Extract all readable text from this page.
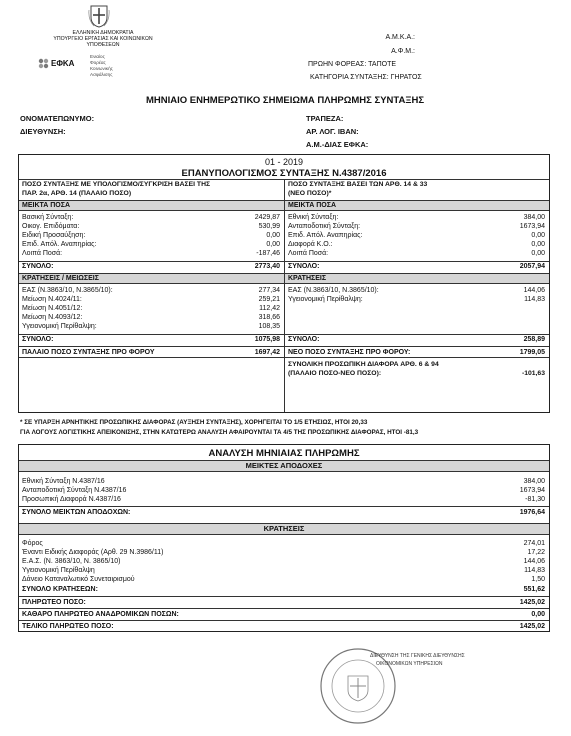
ΕΛΛΗΝΙΚΗ ΔΗΜΟΚΡΑΤΙΑ
ΥΠΟΥΡΓΕΙΟ ΕΡΓΑΣΙΑΣ ΚΑΙ ΚΟΙΝΩΝΙΚΩΝ
ΥΠΟΘΕΣΕΩΝ
ΕΦΚΑ
Ενιαίος
Φορέας
Κοινωνικής
Ασφάλισης
Α.Μ.Κ.Α.:
Α.Φ.Μ.:
ΠΡΩΗΝ ΦΟΡΕΑΣ: ΤΑΠΟΤΕ
ΚΑΤΗΓΟΡΙΑ ΣΥΝΤΑΞΗΣ: ΓΗΡΑΤΟΣ
ΜΗΝΙΑΙΟ ΕΝΗΜΕΡΩΤΙΚΟ ΣΗΜΕΙΩΜΑ ΠΛΗΡΩΜΗΣ ΣΥΝΤΑΞΗΣ
ΟΝΟΜΑΤΕΠΩΝΥΜΟ:
ΔΙΕΥΘΥΝΣΗ:
ΤΡΑΠΕΖΑ:
ΑΡ. ΛΟΓ. IBAN:
Α.Μ.-ΔΙΑΣ ΕΦΚΑ:
01 - 2019
ΕΠΑΝΥΠΟΛΟΓΙΣΜΟΣ ΣΥΝΤΑΞΗΣ Ν.4387/2016
ΠΟΣΟ ΣΥΝΤΑΞΗΣ ΜΕ ΥΠΟΛΟΓΙΣΜΟ/ΣΥΓΚΡΙΣΗ ΒΑΣΕΙ ΤΗΣ
ΠΑΡ. 2α, ΑΡΘ. 14 (ΠΑΛΑΙΟ ΠΟΣΟ)
ΜΕΙΚΤΑ ΠΟΣΑ
Βασική Σύνταξη:	2429,87
Οικογ. Επιδόματα:	530,99
Ειδική Προσαύξηση:	0,00
Επιδ. Απόλ. Αναπηρίας:	0,00
Λοιπά Ποσά:	-187,46
ΣΥΝΟΛΟ:	2773,40
ΚΡΑΤΗΣΕΙΣ / ΜΕΙΩΣΕΙΣ
ΕΑΣ (Ν.3863/10, Ν.3865/10):	277,34
Μείωση Ν.4024/11:	259,21
Μείωση Ν.4051/12:	112,42
Μείωση Ν.4093/12:	318,66
Υγειονομική Περίθαλψη:	108,35
ΣΥΝΟΛΟ:	1075,98
ΠΑΛΑΙΟ ΠΟΣΟ ΣΥΝΤΑΞΗΣ ΠΡΟ ΦΟΡΟΥ	1697,42
ΠΟΣΟ ΣΥΝΤΑΞΗΣ ΒΑΣΕΙ ΤΩΝ ΑΡΘ. 14 & 33
(ΝΕΟ ΠΟΣΟ)*
ΜΕΙΚΤΑ ΠΟΣΑ
Εθνική Σύνταξη:	384,00
Ανταποδοτική Σύνταξη:	1673,94
Επιδ. Απόλ. Αναπηρίας:	0,00
Διαφορά Κ.Ο.:	0,00
Λοιπά Ποσά:	0,00
ΣΥΝΟΛΟ:	2057,94
ΚΡΑΤΗΣΕΙΣ
ΕΑΣ (Ν.3863/10, Ν.3865/10):	144,06
Υγειονομική Περίθαλψη:	114,83
ΣΥΝΟΛΟ:	258,89
ΝΕΟ ΠΟΣΟ ΣΥΝΤΑΞΗΣ ΠΡΟ ΦΟΡΟΥ:	1799,05
ΣΥΝΟΛΙΚΗ ΠΡΟΣΩΠΙΚΗ ΔΙΑΦΟΡΑ ΑΡΘ. 6 & 94
(ΠΑΛΑΙΟ ΠΟΣΟ-ΝΕΟ ΠΟΣΟ):	-101,63
* ΣΕ ΥΠΑΡΞΗ ΑΡΝΗΤΙΚΗΣ ΠΡΟΣΩΠΙΚΗΣ ΔΙΑΦΟΡΑΣ (ΑΥΞΗΣΗ ΣΥΝΤΑΞΗΣ), ΧΟΡΗΓΕΙΤΑΙ ΤΟ 1/5 ΕΤΗΣΙΩΣ, ΗΤΟΙ 20,33
ΓΙΑ ΛΟΓΟΥΣ ΛΟΓΙΣΤΙΚΗΣ ΑΠΕΙΚΟΝΙΣΗΣ, ΣΤΗΝ ΚΑΤΩΤΕΡΩ ΑΝΑΛΥΣΗ ΑΦΑΙΡΟΥΝΤΑΙ ΤΑ 4/5 ΤΗΣ ΠΡΟΣΩΠΙΚΗΣ ΔΙΑΦΟΡΑΣ, ΗΤΟΙ -81,3
ΑΝΑΛΥΣΗ ΜΗΝΙΑΙΑΣ ΠΛΗΡΩΜΗΣ
ΜΕΙΚΤΕΣ ΑΠΟΔΟΧΕΣ
Εθνική Σύνταξη Ν.4387/16	384,00
Ανταποδοτική Σύνταξη Ν.4387/16	1673,94
Προσωπική Διαφορά Ν.4387/16	-81,30
ΣΥΝΟΛΟ ΜΕΙΚΤΩΝ ΑΠΟΔΟΧΩΝ:	1976,64
ΚΡΑΤΗΣΕΙΣ
Φόρος	274,01
Έναντι Ειδικής Διαφοράς (Αρθ. 29 Ν.3986/11)	17,22
Ε.Α.Σ. (Ν. 3863/10, Ν. 3865/10)	144,06
Υγειονομική Περίθαλψη	114,83
Δάνειο Καταναλωτικό Συνεταιρισμού	1,50
ΣΥΝΟΛΟ ΚΡΑΤΗΣΕΩΝ:	551,62
ΠΛΗΡΩΤΕΟ ΠΟΣΟ:	1425,02
ΚΑΘΑΡΟ ΠΛΗΡΩΤΕΟ ΑΝΑΔΡΟΜΙΚΩΝ ΠΟΣΩΝ:	0,00
ΤΕΛΙΚΟ ΠΛΗΡΩΤΕΟ ΠΟΣΟ:	1425,02
ΔΙΕΥΘΥΝΣΗ ΤΗΣ ΓΕΝΙΚΗΣ ΔΙΕΥΘΥΝΣΗΣ
ΟΙΚΟΝΟΜΙΚΩΝ ΥΠΗΡΕΣΙΩΝ
